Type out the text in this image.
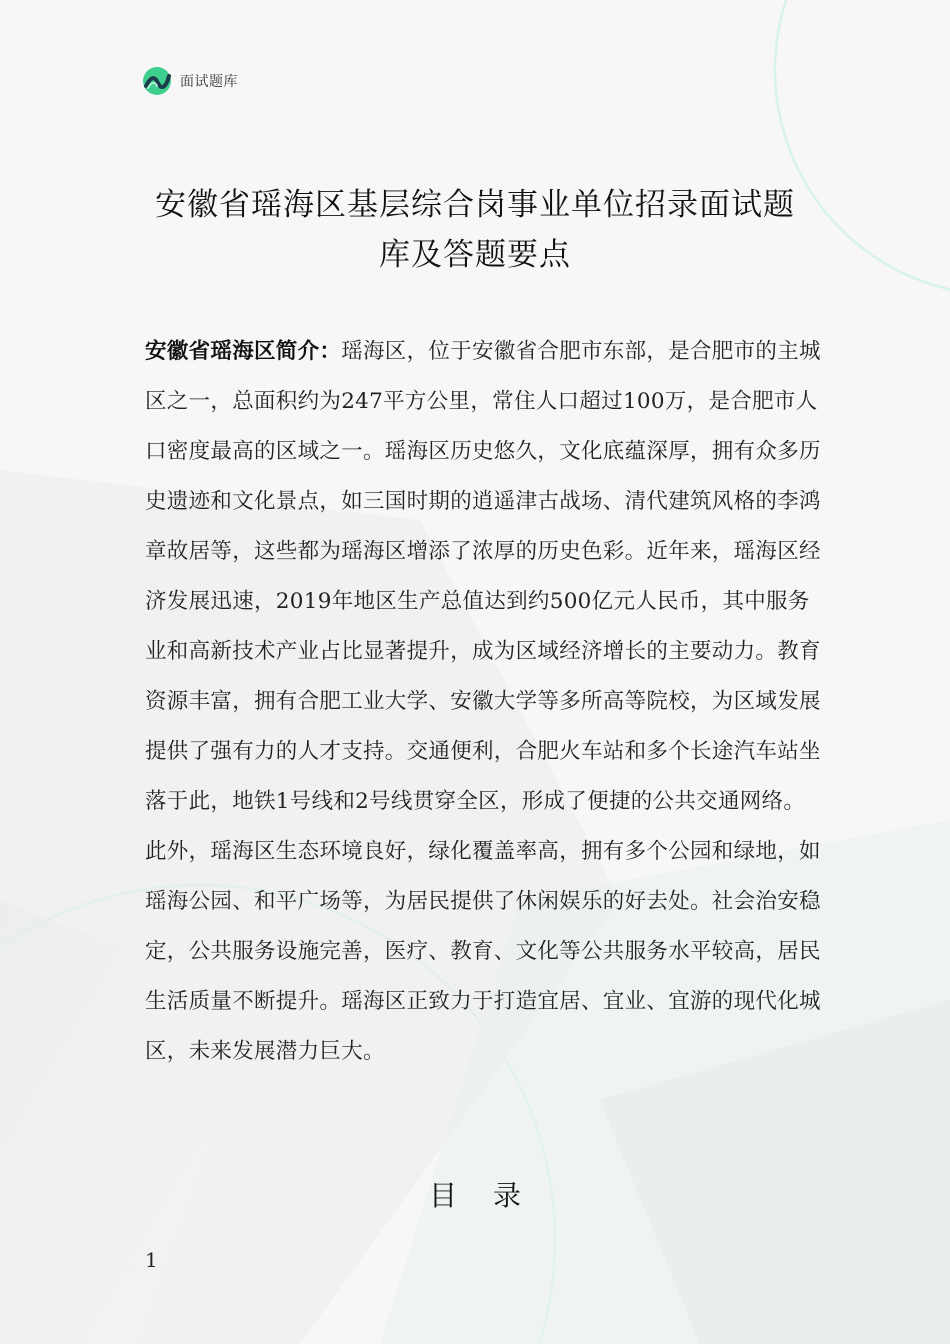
面试题库
安徽省瑶海区基层综合岗事业单位招录面试题库及答题要点
安徽省瑶海区简介：瑶海区，位于安徽省合肥市东部，是合肥市的主城区之一，总面积约为247平方公里，常住人口超过100万，是合肥市人口密度最高的区域之一。瑶海区历史悠久，文化底蕴深厚，拥有众多历史遗迹和文化景点，如三国时期的逍遥津古战场、清代建筑风格的李鸿章故居等，这些都为瑶海区增添了浓厚的历史色彩。近年来，瑶海区经济发展迅速，2019年地区生产总值达到约500亿元人民币，其中服务业和高新技术产业占比显著提升，成为区域经济增长的主要动力。教育资源丰富，拥有合肥工业大学、安徽大学等多所高等院校，为区域发展提供了强有力的人才支持。交通便利，合肥火车站和多个长途汽车站坐落于此，地铁1号线和2号线贯穿全区，形成了便捷的公共交通网络。此外，瑶海区生态环境良好，绿化覆盖率高，拥有多个公园和绿地，如瑶海公园、和平广场等，为居民提供了休闲娱乐的好去处。社会治安稳定，公共服务设施完善，医疗、教育、文化等公共服务水平较高，居民生活质量不断提升。瑶海区正致力于打造宜居、宜业、宜游的现代化城区，未来发展潜力巨大。
目录
1
